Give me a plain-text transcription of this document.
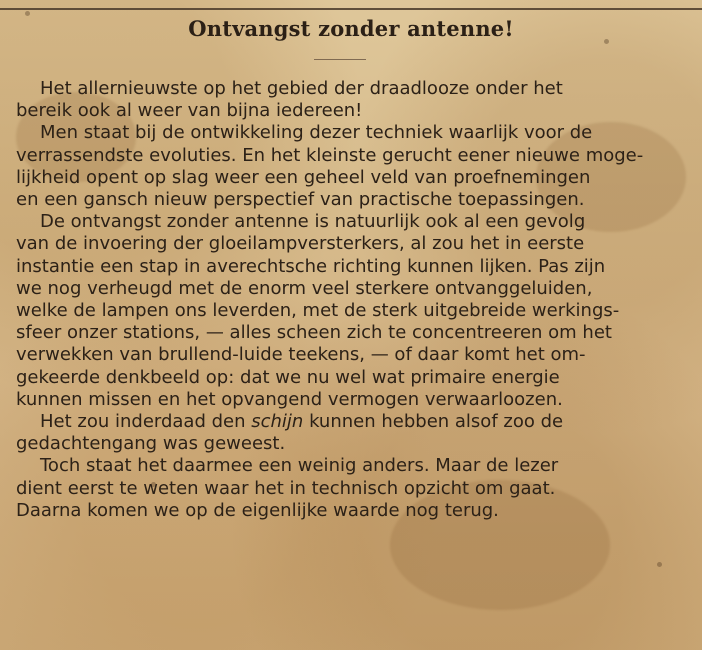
Ontvangst zonder antenne!
Het allernieuwste op het gebied der draadlooze onder het
bereik ook al weer van bijna iedereen!
Men staat bij de ontwikkeling dezer techniek waarlijk voor de
verrassendste evoluties. En het kleinste gerucht eener nieuwe moge-
lijkheid opent op slag weer een geheel veld van proefnemingen
en een gansch nieuw perspectief van practische toepassingen.
De ontvangst zonder antenne is natuurlijk ook al een gevolg
van de invoering der gloeilampversterkers, al zou het in eerste
instantie een stap in averechtsche richting kunnen lijken. Pas zijn
we nog verheugd met de enorm veel sterkere ontvanggeluiden,
welke de lampen ons leverden, met de sterk uitgebreide werkings-
sfeer onzer stations, — alles scheen zich te concentreeren om het
verwekken van brullend-luide teekens, — of daar komt het om-
gekeerde denkbeeld op: dat we nu wel wat primaire energie
kunnen missen en het opvangend vermogen verwaarloozen.
Het zou inderdaad den schijn kunnen hebben alsof zoo de
gedachtengang was geweest.
Toch staat het daarmee een weinig anders. Maar de lezer
dient eerst te weten waar het in technisch opzicht om gaat.
Daarna komen we op de eigenlijke waarde nog terug.
